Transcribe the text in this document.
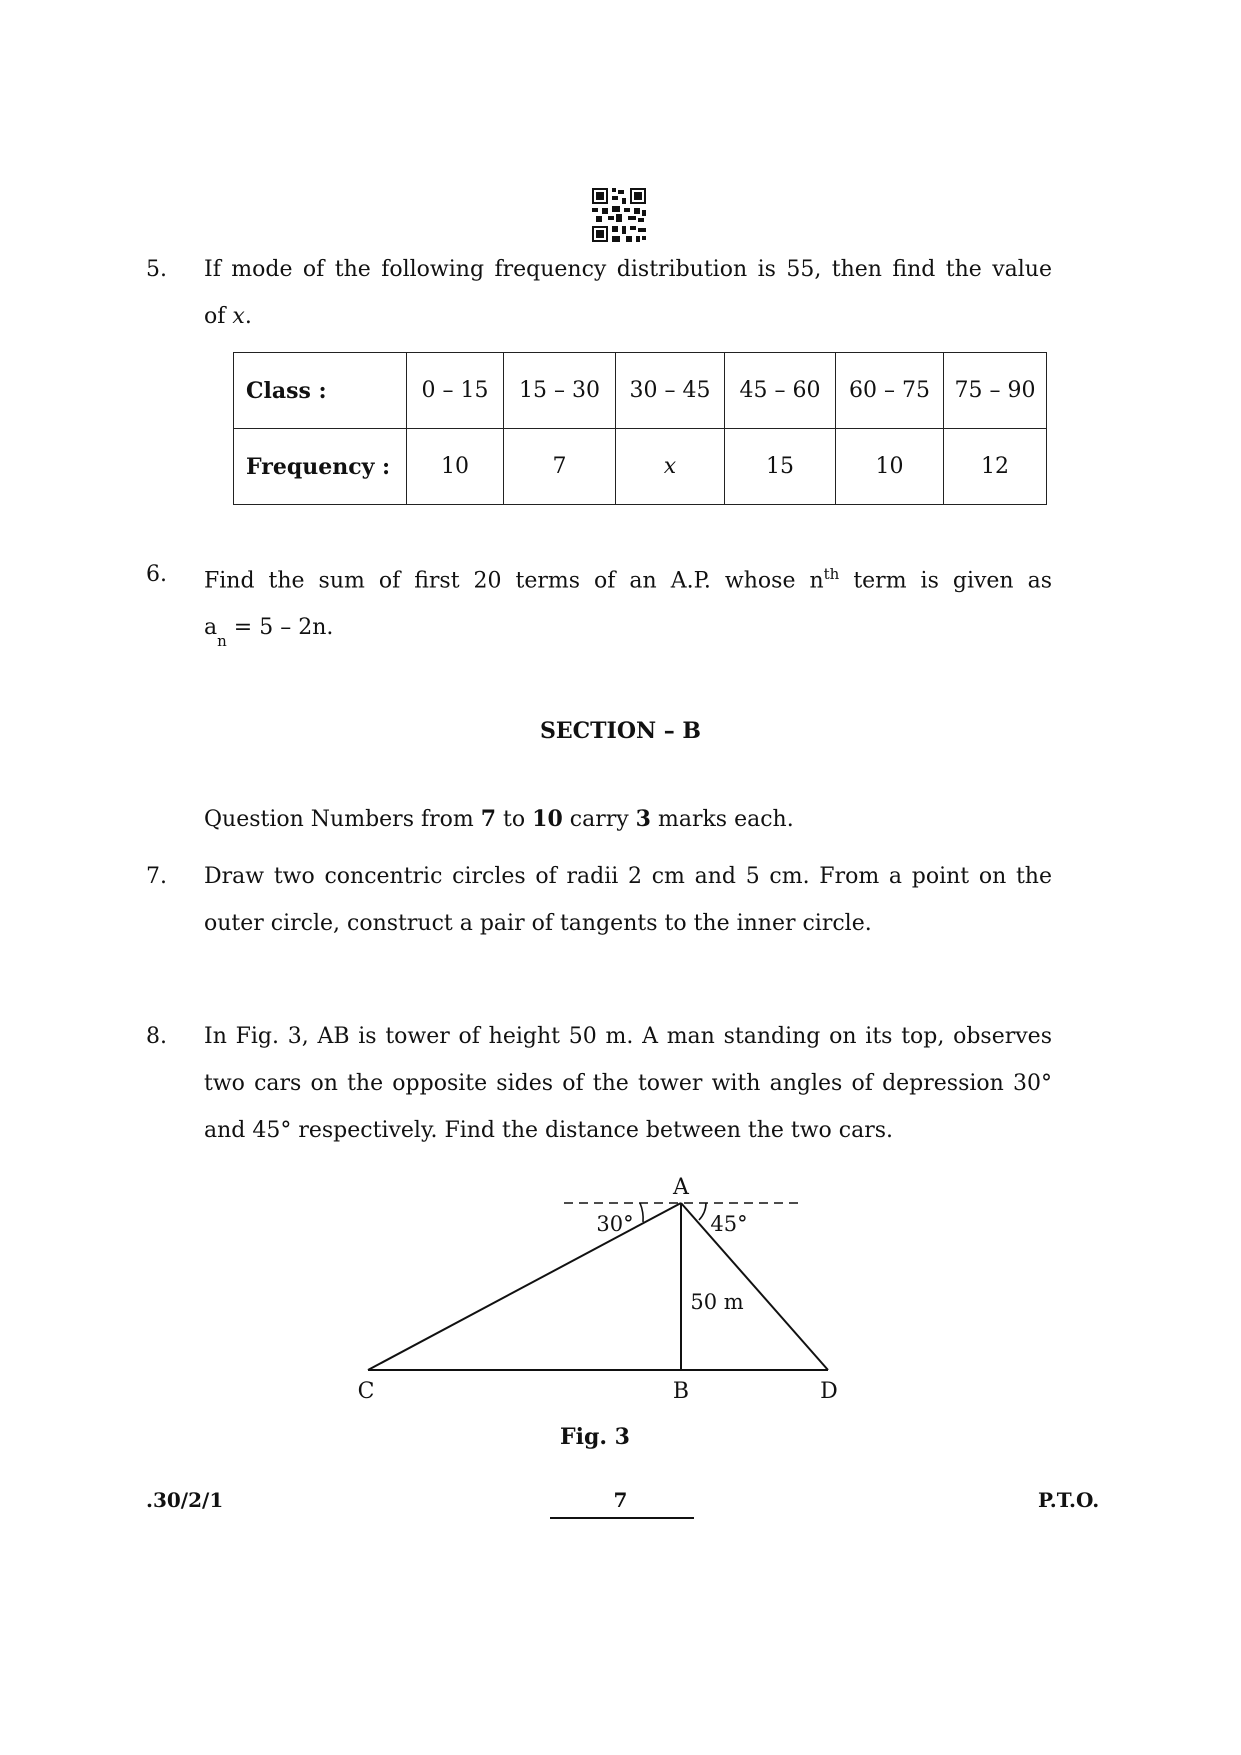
5. If mode of the following frequency distribution is 55, then find the value
of x.
Class :	0 – 15	15 – 30	30 – 45	45 – 60	60 – 75	75 – 90
Frequency :	10	7	x	15	10	12
6. Find the sum of first 20 terms of an A.P. whose $n^{th}$ term is given as
$a_n = 5 - 2n$.
SECTION – B
Question Numbers from 7 to 10 carry 3 marks each.
7. Draw two concentric circles of radii 2 cm and 5 cm. From a point on the
outer circle, construct a pair of tangents to the inner circle.
8. In Fig. 3, AB is tower of height 50 m. A man standing on its top, observes
two cars on the opposite sides of the tower with angles of depression 30°
and 45° respectively. Find the distance between the two cars.
A
B
C	D
30°	45°
50 m
Fig. 3
.30/2/1	7	P.T.O.
